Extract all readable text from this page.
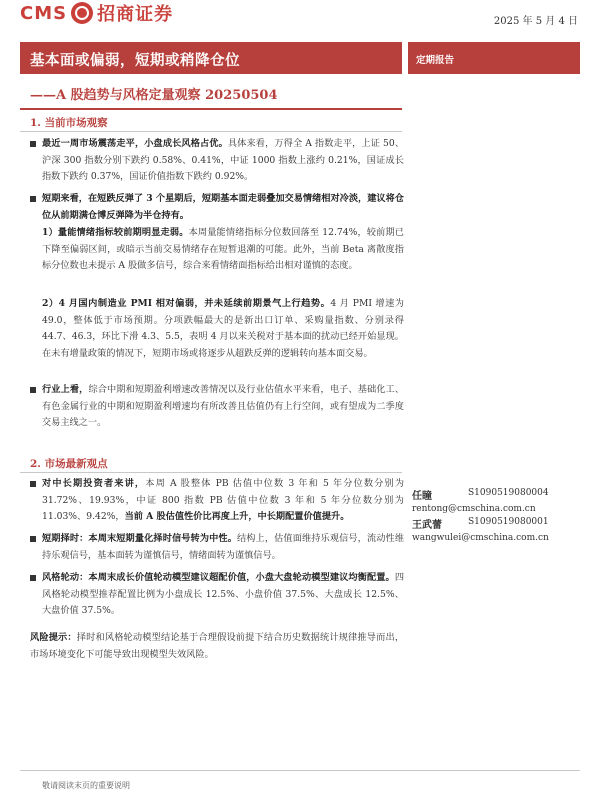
CMS 招商证券	2025 年 5 月 4 日
基本面或偏弱，短期或稍降仓位	定期报告
——A 股趋势与风格定量观察 20250504
1. 当前市场观察
最近一周市场震荡走平，小盘成长风格占优。具体来看，万得全 A 指数走平，上证 50、沪深 300 指数分别下跌约 0.58%、0.41%，中证 1000 指数上涨约 0.21%，国证成长指数下跌约 0.37%，国证价值指数下跌约 0.92%。
短期来看，在短跌反弹了 3 个星期后，短期基本面走弱叠加交易情绪相对冷淡，建议将仓位从前期满仓博反弹降为半仓持有。
1）量能情绪指标较前期明显走弱。本周量能情绪指标分位数回落至 12.74%，较前期已下降至偏弱区间，或暗示当前交易情绪存在短暂退潮的可能。此外，当前 Beta 离散度指标分位数也未提示 A 股做多信号，综合来看情绪面指标给出相对谨慎的态度。
2）4 月国内制造业 PMI 相对偏弱，并未延续前期景气上行趋势。4 月 PMI 增速为 49.0，整体低于市场预期。分项跌幅最大的是新出口订单、采购量指数、分别录得 44.7、46.3，环比下滑 4.3、5.5，表明 4 月以来关税对于基本面的扰动已经开始显现。在未有增量政策的情况下，短期市场或将逐步从超跌反弹的逻辑转向基本面交易。
行业上看，综合中期和短期盈利增速改善情况以及行业估值水平来看，电子、基础化工、有色金属行业的中期和短期盈利增速均有所改善且估值仍有上行空间，或有望成为二季度交易主线之一。
2. 市场最新观点
对中长期投资者来讲，本周 A 股整体 PB 估值中位数 3 年和 5 年分位数分别为 31.72%、19.93%，中证 800 指数 PB 估值中位数 3 年和 5 年分位数分别为 11.03%、9.42%，当前 A 股估值性价比再度上升，中长期配置价值提升。
短期择时：本周末短期量化择时信号转为中性。结构上，估值面维持乐观信号，流动性维持乐观信号，基本面转为谨慎信号，情绪面转为谨慎信号。
风格轮动：本周末成长价值轮动模型建议超配价值，小盘大盘轮动模型建议均衡配置。四风格轮动模型推荐配置比例为小盘成长 12.5%、小盘价值 37.5%、大盘成长 12.5%、大盘价值 37.5%。
风险提示：择时和风格轮动模型结论基于合理假设前提下结合历史数据统计规律推导而出，市场环境变化下可能导致出现模型失效风险。
任瞳	S1090519080004
rentong@cmschina.com.cn
王武蕾	S1090519080001
wangwulei@cmschina.com.cn
敬请阅读末页的重要说明
